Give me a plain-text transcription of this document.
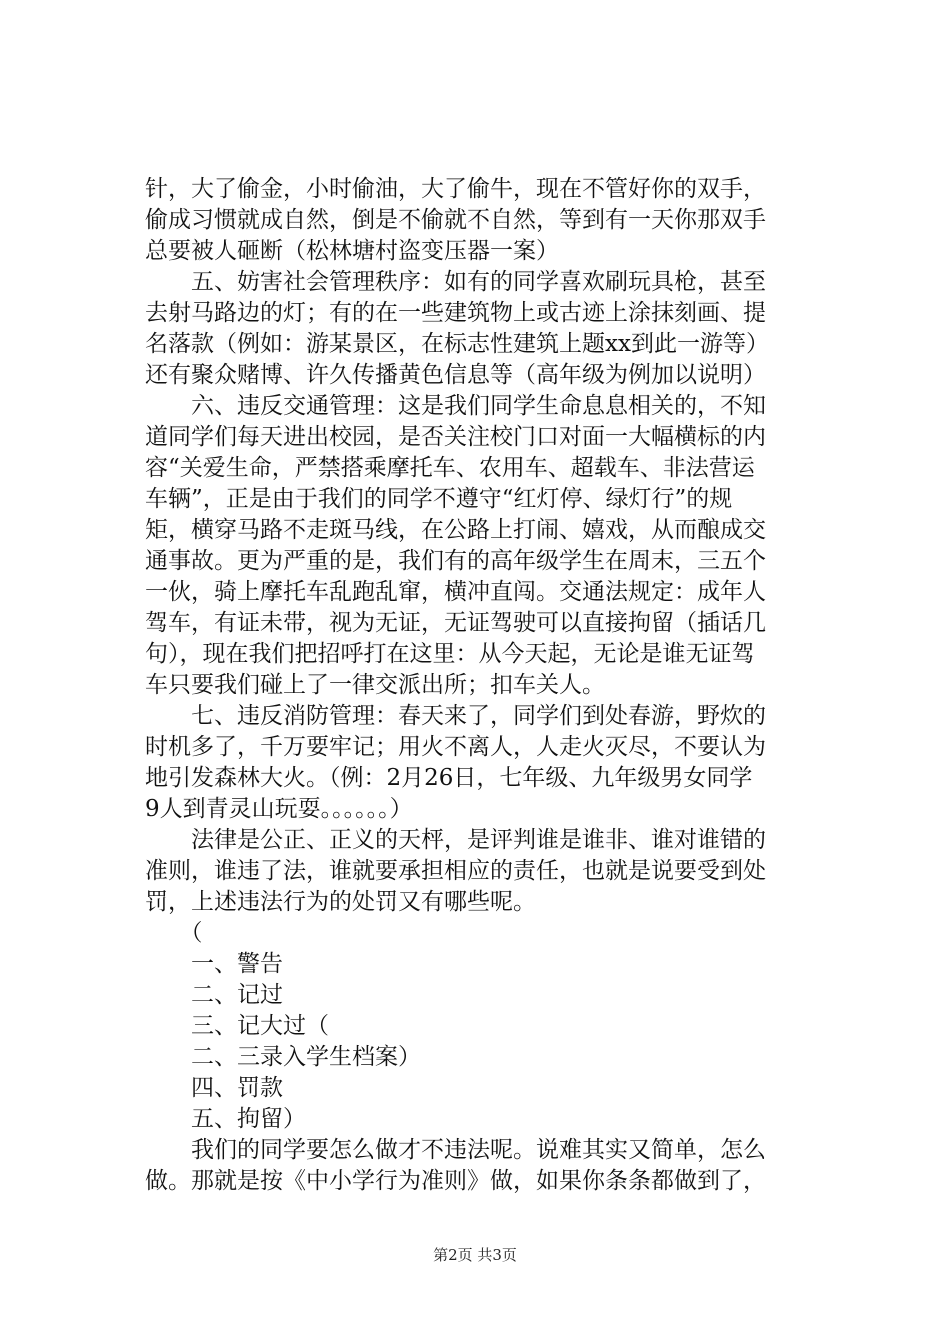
针，大了偷金，小时偷油，大了偷牛，现在不管好你的双手，
偷成习惯就成自然，倒是不偷就不自然，等到有一天你那双手
总要被人砸断（松林塘村盗变压器一案）
　　五、妨害社会管理秩序：如有的同学喜欢刷玩具枪，甚至
去射马路边的灯；有的在一些建筑物上或古迹上涂抹刻画、提
名落款（例如：游某景区，在标志性建筑上题xx到此一游等）
还有聚众赌博、许久传播黄色信息等（高年级为例加以说明）
　　六、违反交通管理：这是我们同学生命息息相关的，不知
道同学们每天进出校园，是否关注校门口对面一大幅横标的内
容“关爱生命，严禁搭乘摩托车、农用车、超载车、非法营运
车辆”，正是由于我们的同学不遵守“红灯停、绿灯行”的规
矩，横穿马路不走斑马线，在公路上打闹、嬉戏，从而酿成交
通事故。更为严重的是，我们有的高年级学生在周末，三五个
一伙，骑上摩托车乱跑乱窜，横冲直闯。交通法规定：成年人
驾车，有证未带，视为无证，无证驾驶可以直接拘留（插话几
句），现在我们把招呼打在这里：从今天起，无论是谁无证驾
车只要我们碰上了一律交派出所；扣车关人。
　　七、违反消防管理：春天来了，同学们到处春游，野炊的
时机多了，千万要牢记；用火不离人，人走火灭尽，不要认为
地引发森林大火。（例：2月26日，七年级、九年级男女同学
9人到青灵山玩耍。。。。。。）
　　法律是公正、正义的天枰，是评判谁是谁非、谁对谁错的
准则，谁违了法，谁就要承担相应的责任，也就是说要受到处
罚，上述违法行为的处罚又有哪些呢。
　　（
　　一、警告
　　二、记过
　　三、记大过（
　　二、三录入学生档案）
　　四、罚款
　　五、拘留）
　　我们的同学要怎么做才不违法呢。说难其实又简单，怎么
做。那就是按《中小学行为准则》做，如果你条条都做到了，
第2页 共3页
